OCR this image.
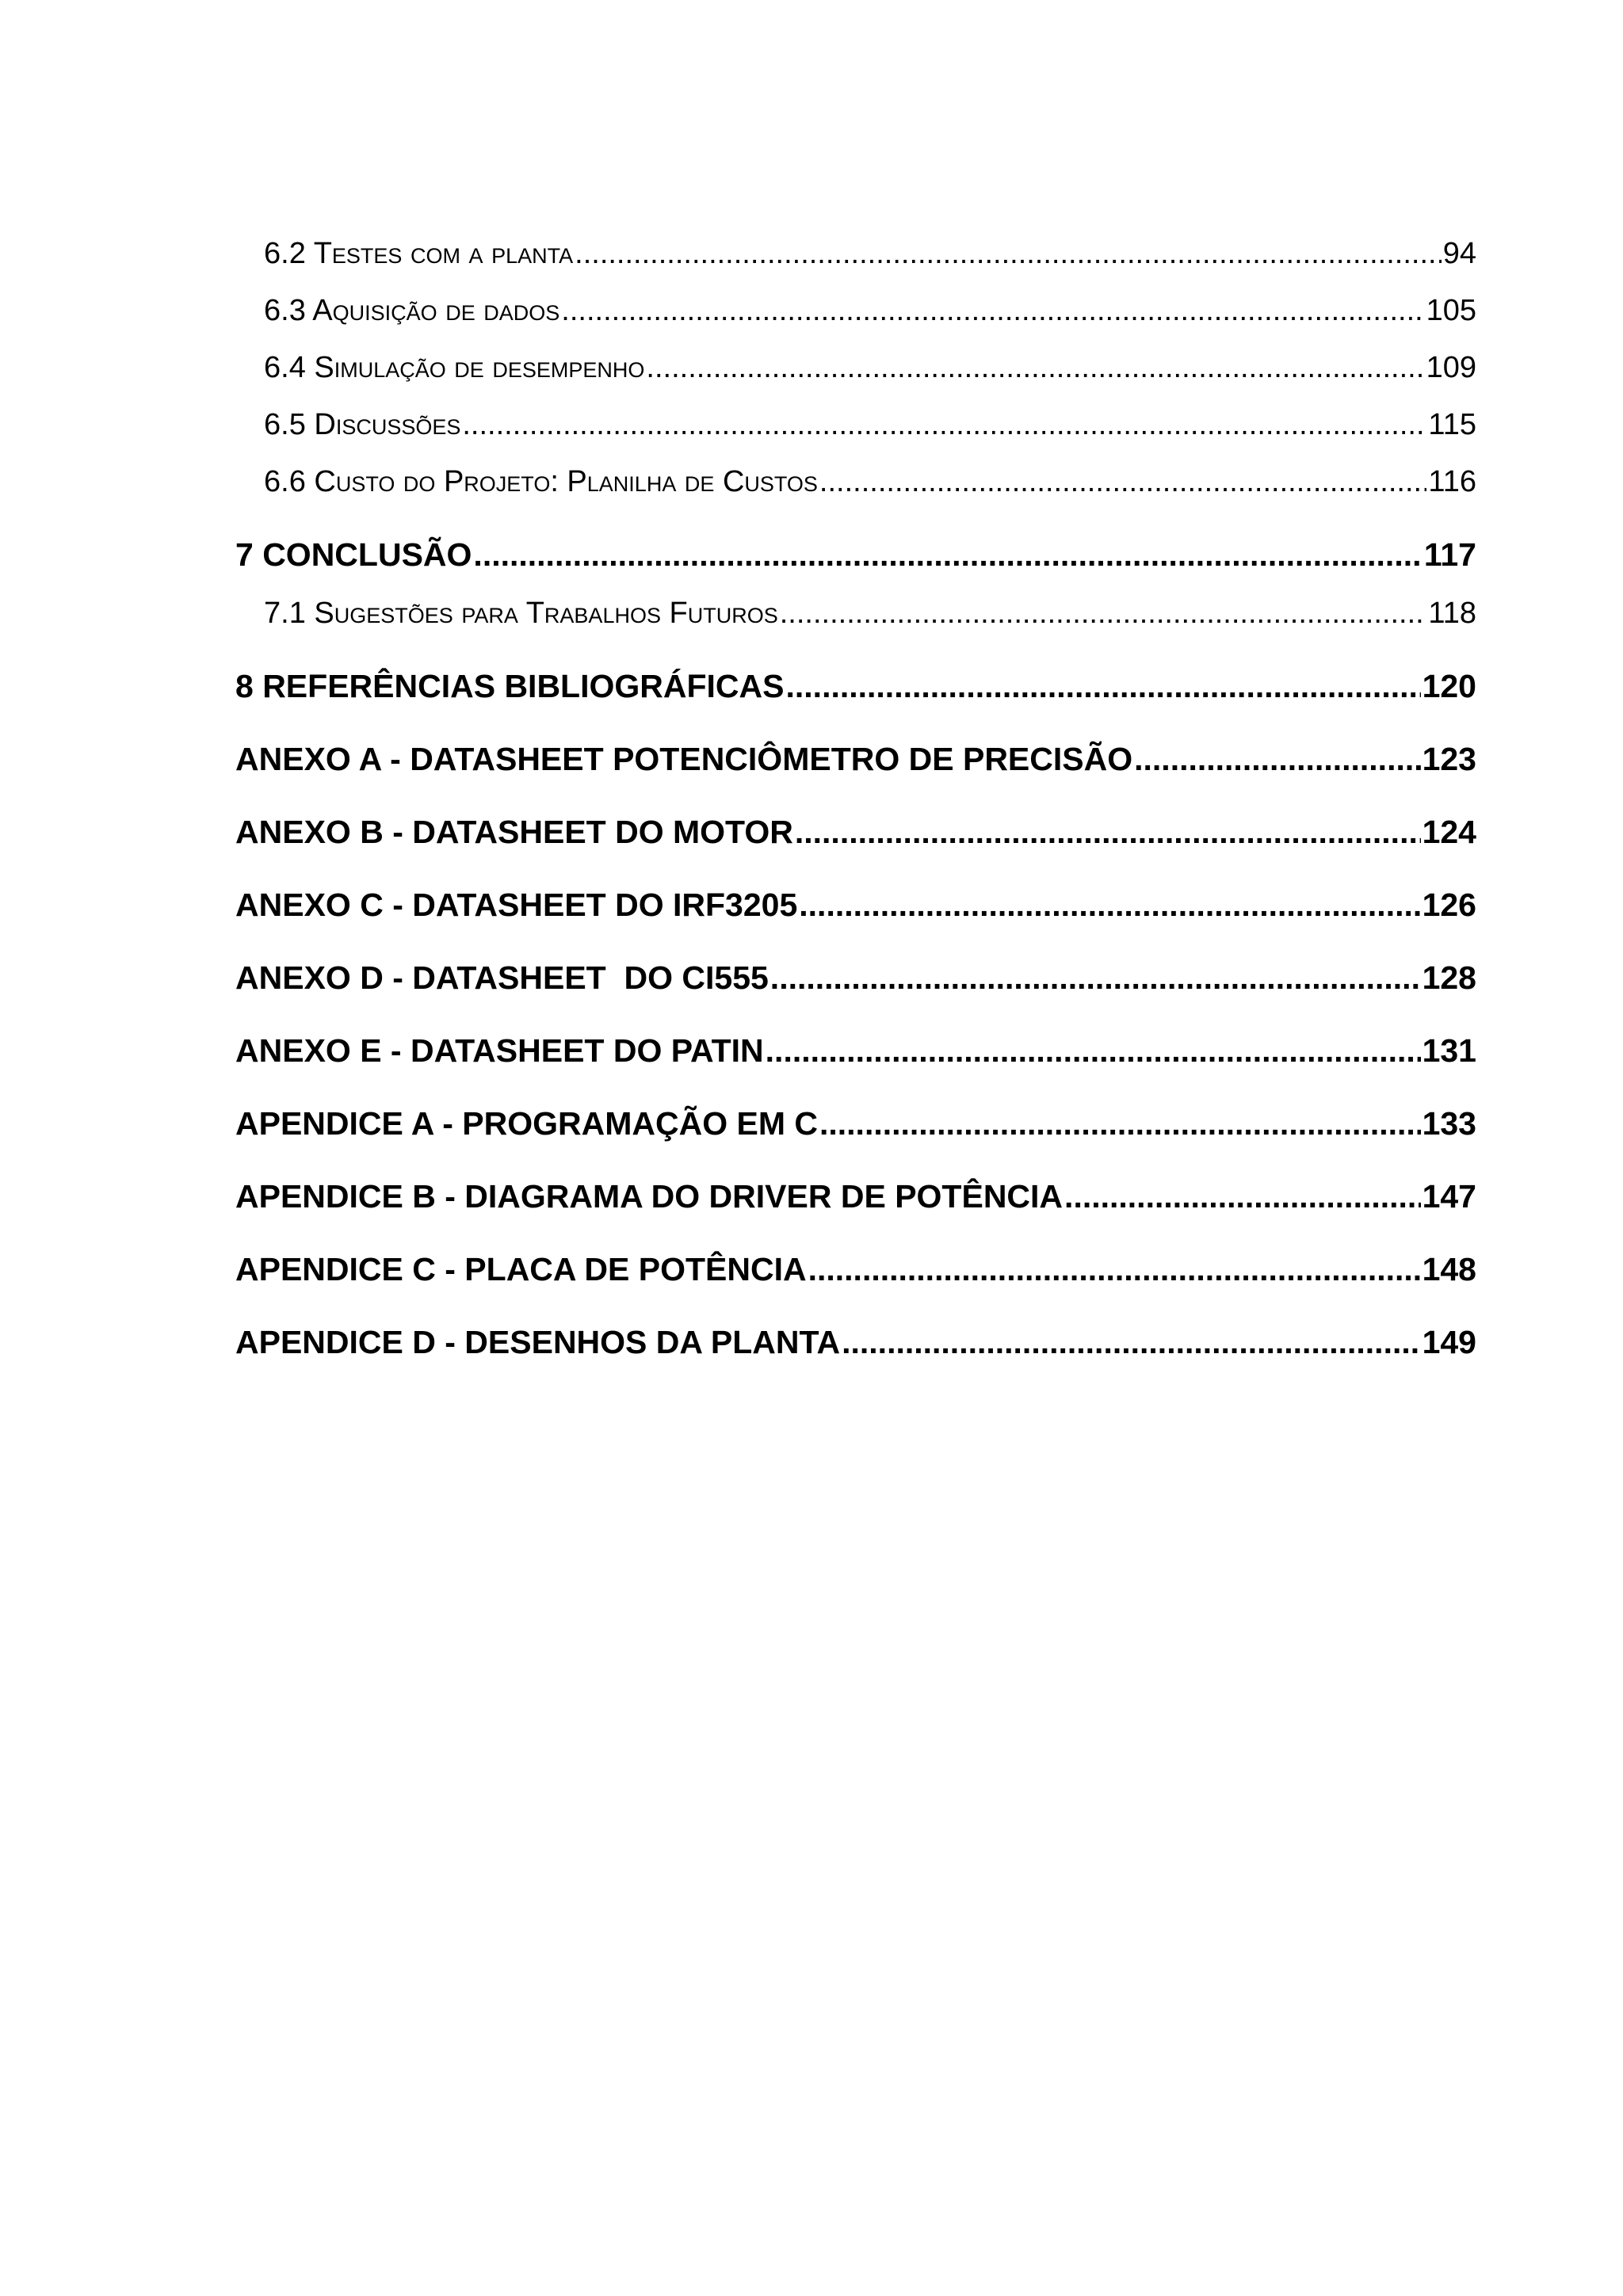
6.2 Testes com a planta .....	94
6.3 Aquisição de dados .....	105
6.4 Simulação de desempenho .....	109
6.5 Discussões .....	115
6.6 Custo do Projeto: Planilha de Custos .....	116
7 CONCLUSÃO .....	117
7.1 Sugestões para Trabalhos Futuros .....	118
8 REFERÊNCIAS BIBLIOGRÁFICAS .....	120
ANEXO A - DATASHEET POTENCIÔMETRO DE PRECISÃO .....	123
ANEXO B - DATASHEET DO MOTOR .....	124
ANEXO C - DATASHEET DO IRF3205 .....	126
ANEXO D - DATASHEET  DO CI555 .....	128
ANEXO E - DATASHEET DO PATIN .....	131
APENDICE A - PROGRAMAÇÃO EM C .....	133
APENDICE B - DIAGRAMA DO DRIVER DE POTÊNCIA .....	147
APENDICE C - PLACA DE POTÊNCIA .....	148
APENDICE D - DESENHOS DA PLANTA .....	149
